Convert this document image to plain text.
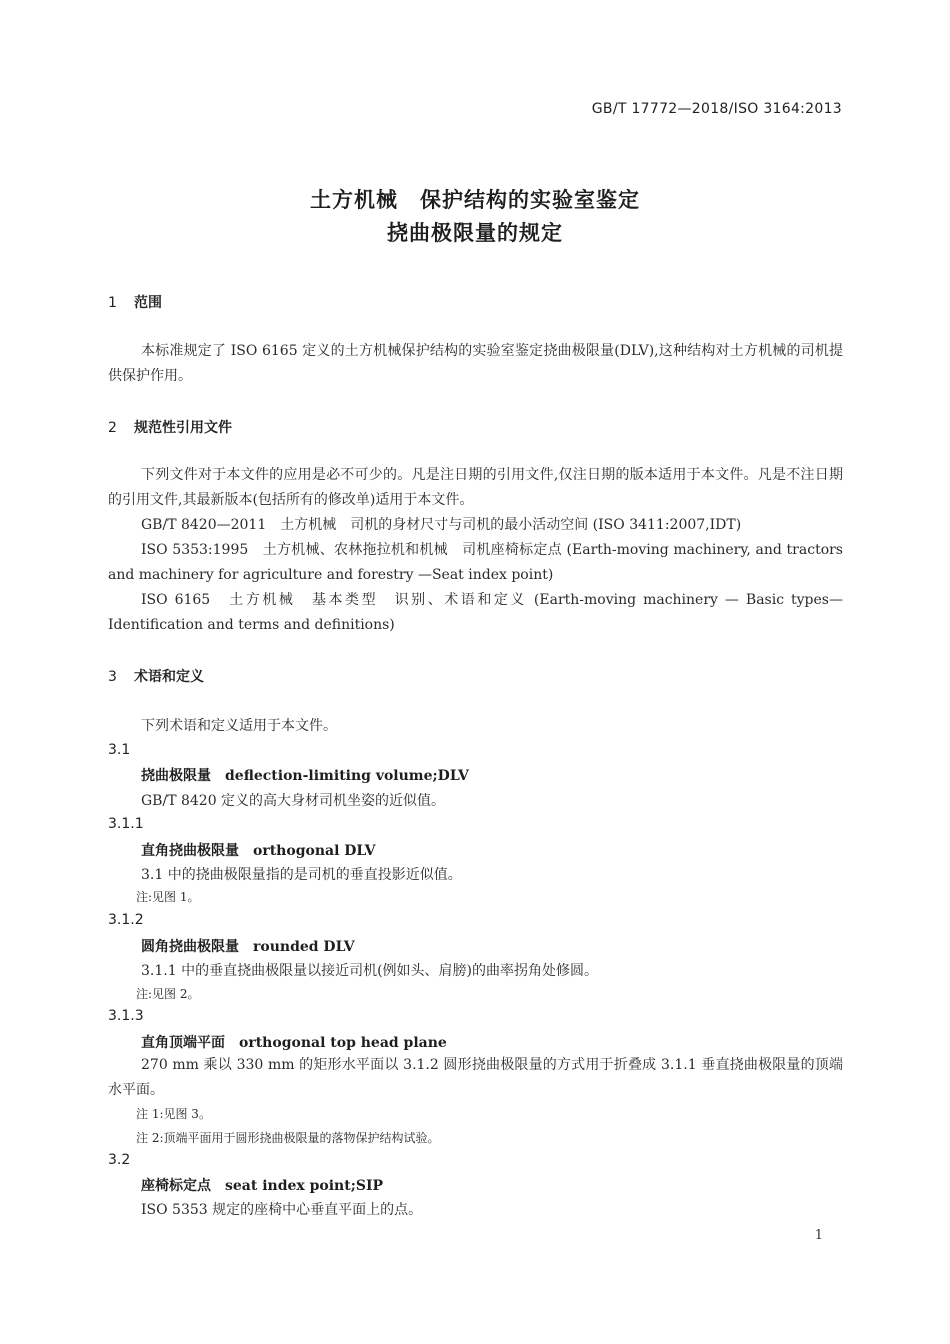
GB/T 17772—2018/ISO 3164:2013
土方机械　保护结构的实验室鉴定
挠曲极限量的规定
1 范围
本标准规定了 ISO 6165 定义的土方机械保护结构的实验室鉴定挠曲极限量(DLV),这种结构对土方机械的司机提供保护作用。
2 规范性引用文件
下列文件对于本文件的应用是必不可少的。凡是注日期的引用文件,仅注日期的版本适用于本文件。凡是不注日期的引用文件,其最新版本(包括所有的修改单)适用于本文件。
GB/T 8420—2011　土方机械　司机的身材尺寸与司机的最小活动空间 (ISO 3411:2007,IDT)
ISO 5353:1995　土方机械、农林拖拉机和机械　司机座椅标定点 (Earth-moving machinery, and tractors and machinery for agriculture and forestry —Seat index point)
ISO 6165　土方机械　基本类型　识别、术语和定义 (Earth-moving machinery — Basic types—Identification and terms and definitions)
3 术语和定义
下列术语和定义适用于本文件。
3.1
挠曲极限量 deflection-limiting volume;DLV
GB/T 8420 定义的高大身材司机坐姿的近似值。
3.1.1
直角挠曲极限量 orthogonal DLV
3.1 中的挠曲极限量指的是司机的垂直投影近似值。
注:见图 1。
3.1.2
圆角挠曲极限量 rounded DLV
3.1.1 中的垂直挠曲极限量以接近司机(例如头、肩膀)的曲率拐角处修圆。
注:见图 2。
3.1.3
直角顶端平面 orthogonal top head plane
270 mm 乘以 330 mm 的矩形水平面以 3.1.2 圆形挠曲极限量的方式用于折叠成 3.1.1 垂直挠曲极限量的顶端水平面。
注 1:见图 3。
注 2:顶端平面用于圆形挠曲极限量的落物保护结构试验。
3.2
座椅标定点 seat index point;SIP
ISO 5353 规定的座椅中心垂直平面上的点。
1
